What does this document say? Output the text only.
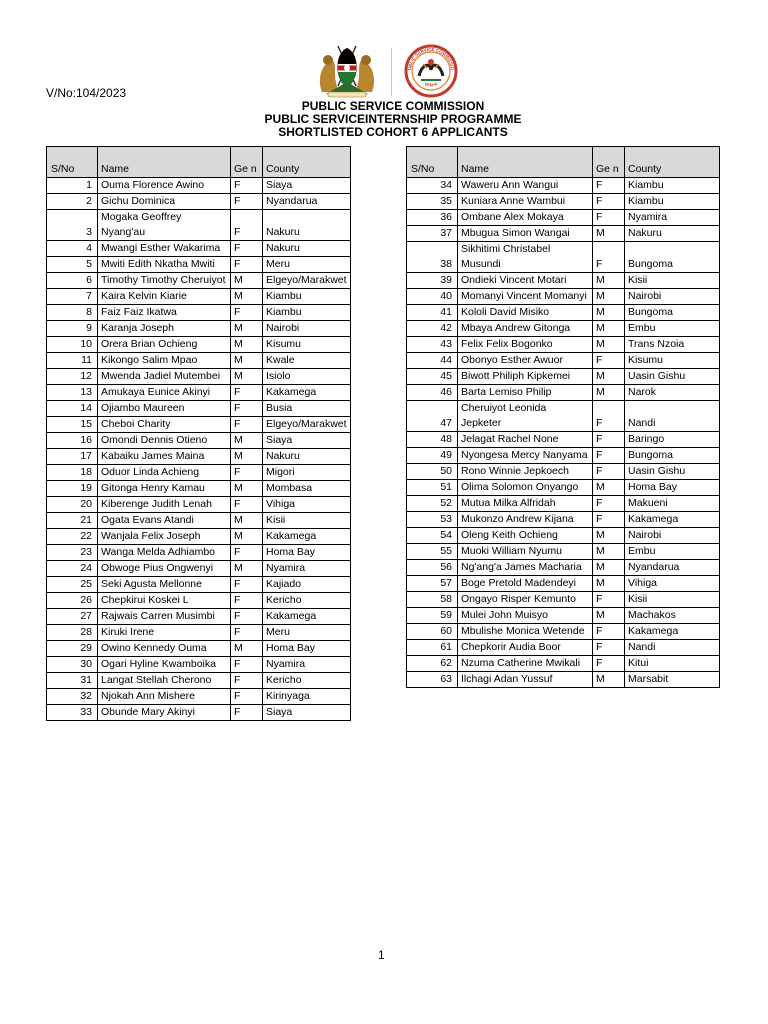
V/No:104/2023
UBLIC SERVICE COMMISSIO
KENYA
PUBLIC SERVICE COMMISSION
PUBLIC SERVICEINTERNSHIP PROGRAMME
SHORTLISTED COHORT 6 APPLICANTS
S/No	Name	Ge n	County
1	Ouma Florence Awino	F	Siaya
2	Gichu Dominica	F	Nyandarua
3	Mogaka Geoffrey Nyang'au	F	Nakuru
4	Mwangi Esther Wakarima	F	Nakuru
5	Mwiti Edith Nkatha Mwiti	F	Meru
6	Timothy Timothy Cheruiyot	M	Elgeyo/Marakwet
7	Kaira Kelvin Kiarie	M	Kiambu
8	Faiz Faiz Ikatwa	F	Kiambu
9	Karanja Joseph	M	Nairobi
10	Orera Brian Ochieng	M	Kisumu
11	Kikongo Salim Mpao	M	Kwale
12	Mwenda Jadiel Mutembei	M	Isiolo
13	Amukaya Eunice Akinyi	F	Kakamega
14	Ojiambo Maureen	F	Busia
15	Cheboi Charity	F	Elgeyo/Marakwet
16	Omondi Dennis Otieno	M	Siaya
17	Kabaiku James Maina	M	Nakuru
18	Oduor Linda Achieng	F	Migori
19	Gitonga Henry Kamau	M	Mombasa
20	Kiberenge Judith Lenah	F	Vihiga
21	Ogata Evans Atandi	M	Kisii
22	Wanjala Felix Joseph	M	Kakamega
23	Wanga Melda Adhiambo	F	Homa Bay
24	Obwoge Pius Ongwenyi	M	Nyamira
25	Seki Agusta Mellonne	F	Kajiado
26	Chepkirui Koskei L	F	Kericho
27	Rajwais Carren Musimbi	F	Kakamega
28	Kiruki Irene	F	Meru
29	Owino Kennedy Ouma	M	Homa Bay
30	Ogari Hyline Kwamboika	F	Nyamira
31	Langat Stellah Cherono	F	Kericho
32	Njokah Ann Mishere	F	Kirinyaga
33	Obunde Mary Akinyi	F	Siaya
S/No	Name	Ge n	County
34	Waweru Ann Wangui	F	Kiambu
35	Kuniara Anne Wambui	F	Kiambu
36	Ombane Alex Mokaya	F	Nyamira
37	Mbugua Simon Wangai	M	Nakuru
38	Sikhitimi Christabel Musundi	F	Bungoma
39	Ondieki Vincent Motari	M	Kisii
40	Momanyi Vincent Momanyi	M	Nairobi
41	Kololi David Misiko	M	Bungoma
42	Mbaya Andrew Gitonga	M	Embu
43	Felix Felix Bogonko	M	Trans Nzoia
44	Obonyo Esther Awuor	F	Kisumu
45	Biwott Philiph Kipkemei	M	Uasin Gishu
46	Barta Lemiso Philip	M	Narok
47	Cheruiyot Leonida Jepketer	F	Nandi
48	Jelagat Rachel None	F	Baringo
49	Nyongesa Mercy Nanyama	F	Bungoma
50	Rono Winnie Jepkoech	F	Uasin Gishu
51	Olima Solomon Onyango	M	Homa Bay
52	Mutua Milka Alfridah	F	Makueni
53	Mukonzo Andrew Kijana	F	Kakamega
54	Oleng Keith Ochieng	M	Nairobi
55	Muoki William Nyumu	M	Embu
56	Ng'ang'a James Macharia	M	Nyandarua
57	Boge Pretold Madendeyi	M	Vihiga
58	Ongayo Risper Kemunto	F	Kisii
59	Mulei John Muisyo	M	Machakos
60	Mbulishe Monica Wetende	F	Kakamega
61	Chepkorir Audia Boor	F	Nandi
62	Nzuma Catherine Mwikali	F	Kitui
63	Ilchagi Adan Yussuf	M	Marsabit
1
